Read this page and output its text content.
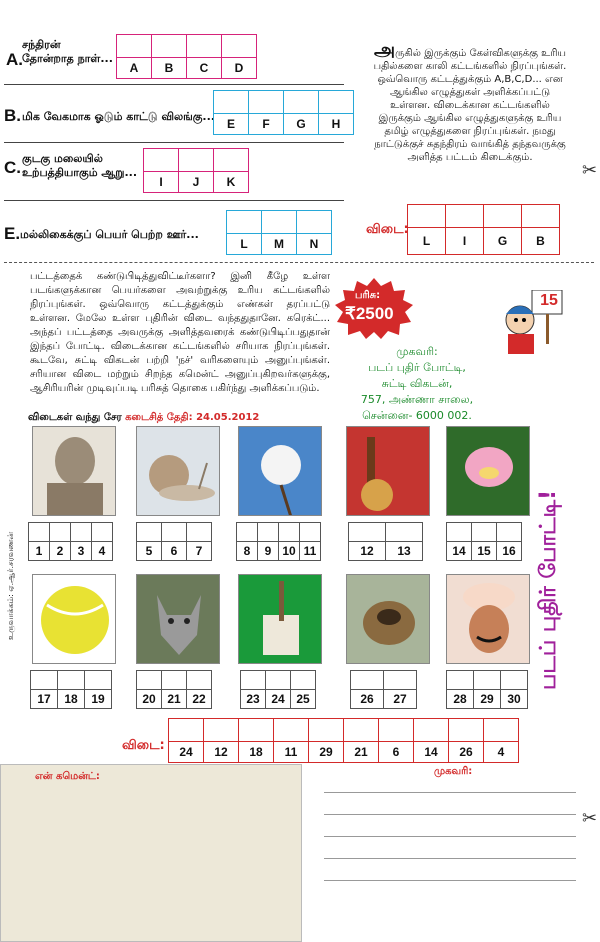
A.
சந்திரன்
தோன்றாத நாள்...

A	B	C	D
B. மிக வேகமாக ஓடும் காட்டு விலங்கு...

E	F	G	H
C. குடகு மலையில்
உற்பத்தியாகும் ஆறு...

I	J	K
E. மல்லிகைக்குப் பெயர் பெற்ற ஊர்...

L	M	N
அருகில் இருக்கும் கேள்விகளுக்கு உரிய பதில்களை காலி கட்டங்களில் நிரப்புங்கள். ஒவ்வொரு கட்டத்துக்கும் A,B,C,D... என ஆங்கில எழுத்துகள் அளிக்கப்பட்டு உள்ளன. விடைக்கான கட்டங்களில் இருக்கும் ஆங்கில எழுத்துகளுக்கு உரிய தமிழ் எழுத்துகளை நிரப்புங்கள். நமது நாட்டுக்குச் சுதந்திரம் வாங்கித் தந்தவருக்கு அளித்த பட்டம் கிடைக்கும்.
✂
விடை:

L	I	G	B
பட்டத்தைக் கண்டுபிடித்துவிட்டீர்களா? இனி கீழே உள்ள படங்களுக்கான பெயர்களை அவற்றுக்கு உரிய கட்டங்களில் நிரப்புங்கள். ஒவ்வொரு கட்டத்துக்கும் எண்கள் தரப்பட்டு உள்ளன. மேலே உள்ள புதிரின் விடை வந்ததுதானே. கரெக்ட்... அந்தப் பட்டத்தை அவருக்கு அளித்தவரைக் கண்டுபிடிப்பதுதான் இந்தப் போட்டி. விடைக்கான கட்டங்களில் சரியாக நிரப்புங்கள். கூடவே, சுட்டி விகடன் பற்றி 'நச்' வரிகளையும் அனுப்புங்கள். சரியான விடை மற்றும் சிறந்த கமென்ட் அனுப்புகிறவர்களுக்கு, ஆசிரியரின் முடிவுப்படி பரிசுத் தொகை பகிர்ந்து அளிக்கப்படும்.
பரிசு:
₹2500
15
முகவரி:
படப் புதிர் போட்டி,
சுட்டி விகடன்,
757, அண்ணா சாலை,
சென்னை- 6000 002.
விடைகள் வந்து சேர கடைசித் தேதி: 24.05.2012
படப் புதிர் போட்டி!
உருவாக்கம்: ஏ.ஆர்.சரவணன்
			1	2	3	4
			5	6	7
				8	9	10	11
		12	13
			14	15	16

17	18	19
			20	21	22
			23	24	25
		26	27
			28	29	30
விடை:
									24	12	18	11	29	21	6	14	26	4
என் கமென்ட்:	முகவரி:
✂
